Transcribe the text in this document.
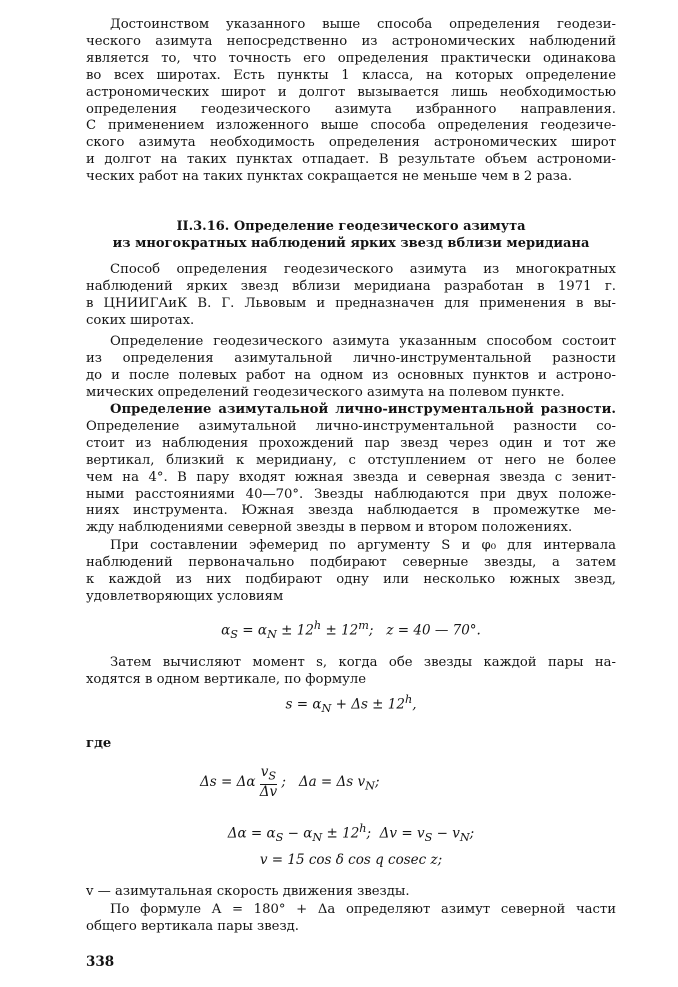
Достоинством указанного выше способа определения геодези-
ческого азимута непосредственно из астрономических наблюдений
является то, что точность его определения практически одинакова
во всех широтах. Есть пункты 1 класса, на которых определение
астрономических широт и долгот вызывается лишь необходимостью
определения геодезического азимута избранного направления.
С применением изложенного выше способа определения геодезиче-
ского азимута необходимость определения астрономических широт
и долгот на таких пунктах отпадает. В результате объем астрономи-
ческих работ на таких пунктах сокращается не меньше чем в 2 раза.
II.3.16. Определение геодезического азимута
из многократных наблюдений ярких звезд вблизи меридиана
Способ определения геодезического азимута из многократных
наблюдений ярких звезд вблизи меридиана разработан в 1971 г.
в ЦНИИГАиК В. Г. Львовым и предназначен для применения в вы-
соких широтах.
Определение геодезического азимута указанным способом состоит
из определения азимутальной лично-инструментальной разности
до и после полевых работ на одном из основных пунктов и астроно-
мических определений геодезического азимута на полевом пункте.
Определение азимутальной лично-инструментальной разности.
Определение азимутальной лично-инструментальной разности со-
стоит из наблюдения прохождений пар звезд через один и тот же
вертикал, близкий к меридиану, с отступлением от него не более
чем на 4°. В пару входят южная звезда и северная звезда с зенит-
ными расстояниями 40—70°. Звезды наблюдаются при двух положе-
ниях инструмента. Южная звезда наблюдается в промежутке ме-
жду наблюдениями северной звезды в первом и втором положениях.
При составлении эфемерид по аргументу S и φ₀ для интервала
наблюдений первоначально подбирают северные звезды, а затем
к каждой из них подбирают одну или несколько южных звезд,
удовлетворяющих условиям
$\alpha_S = \alpha_N \pm 12^h \pm 12^m$;   z = 40 — 70°.
Затем вычисляют момент s, когда обе звезды каждой пары на-
ходятся в одном вертикале, по формуле
$s = \alpha_N + \Delta s \pm 12^h$,
где
Δs = Δα $\frac{v_S}{\Delta v}$ ;   Δa = Δs $v_N$;
$\Delta\alpha = \alpha_S - \alpha_N \pm 12^h$;  $\Delta v = v_S - v_N$;
v = 15 cos δ cos q cosec z;
v — азимутальная скорость движения звезды.
По формуле A = 180° + Δa определяют азимут северной части
общего вертикала пары звезд.
338
